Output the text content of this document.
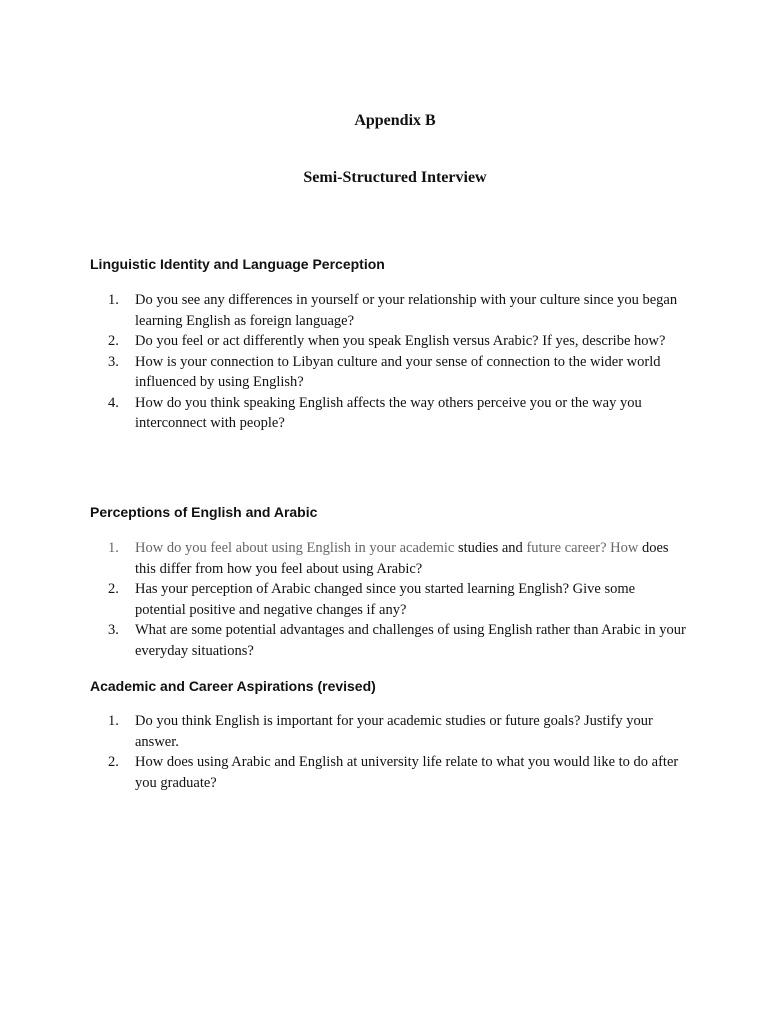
Appendix B
Semi-Structured Interview
Linguistic Identity and Language Perception
1.	Do you see any differences in yourself or your relationship with your culture since you began learning English as foreign language?
2.	Do you feel or act differently when you speak English versus Arabic? If yes, describe how?
3.	How is your connection to Libyan culture and your sense of connection to the wider world influenced by using English?
4.	How do you think speaking English affects the way others perceive you or the way you interconnect with people?
Perceptions of English and Arabic
1.	How do you feel about using English in your academic studies and future career? How does this differ from how you feel about using Arabic?
2.	Has your perception of Arabic changed since you started learning English? Give some potential positive and negative changes if any?
3.	What are some potential advantages and challenges of using English rather than Arabic in your everyday situations?
Academic and Career Aspirations (revised)
1.	Do you think English is important for your academic studies or future goals? Justify your answer.
2.	How does using Arabic and English at university life relate to what you would like to do after you graduate?
